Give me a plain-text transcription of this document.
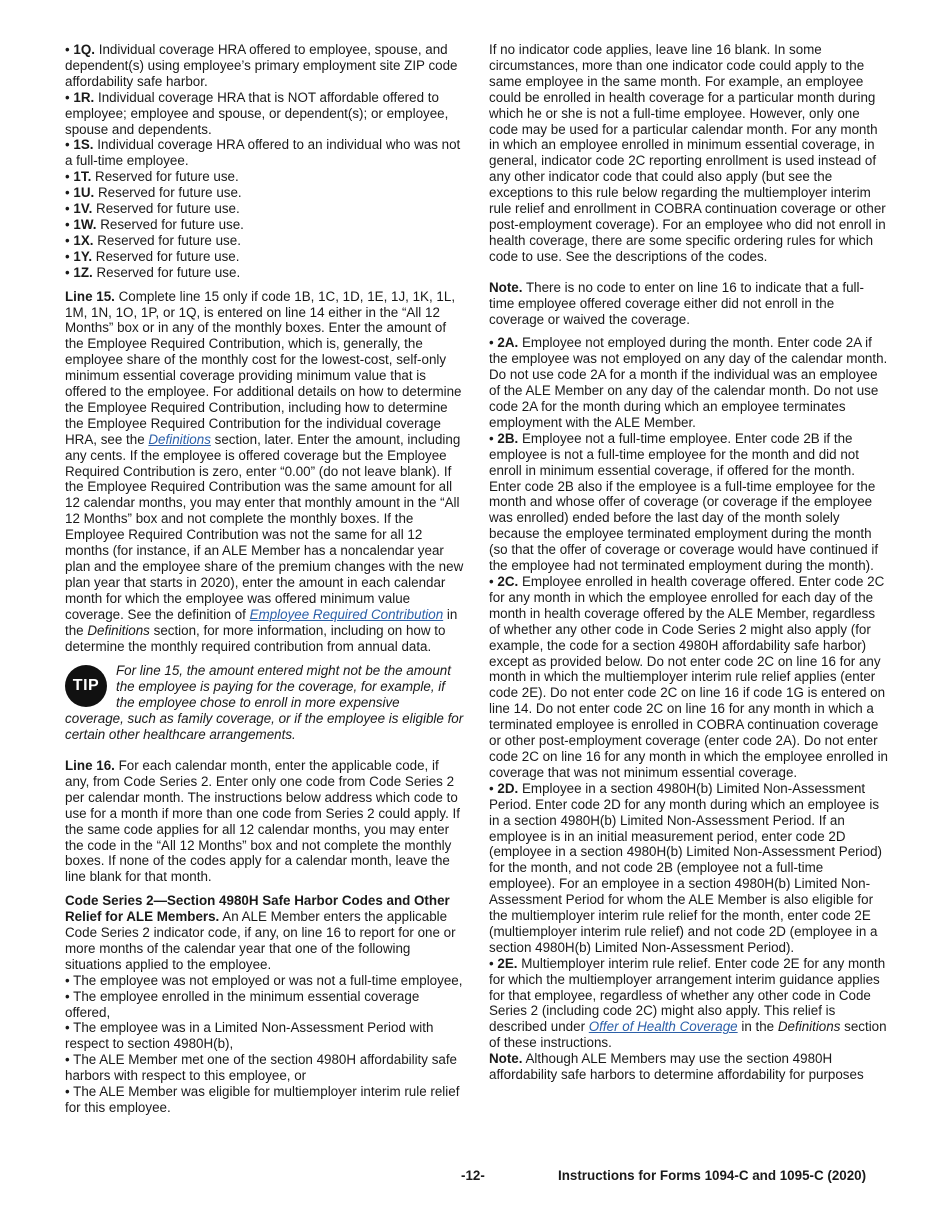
• 1Q. Individual coverage HRA offered to employee, spouse, and dependent(s) using employee’s primary employment site ZIP code affordability safe harbor.

• 1R. Individual coverage HRA that is NOT affordable offered to employee; employee and spouse, or dependent(s); or employee, spouse and dependents.

• 1S. Individual coverage HRA offered to an individual who was not a full-time employee.

• 1T. Reserved for future use.

• 1U. Reserved for future use.

• 1V. Reserved for future use.

• 1W. Reserved for future use.

• 1X. Reserved for future use.

• 1Y. Reserved for future use.

• 1Z. Reserved for future use.

Line 15. Complete line 15 only if code 1B, 1C, 1D, 1E, 1J, 1K, 1L, 1M, 1N, 1O, 1P, or 1Q, is entered on line 14 either in the “All 12 Months” box or in any of the monthly boxes. Enter the amount of the Employee Required Contribution, which is, generally, the employee share of the monthly cost for the lowest-cost, self-only minimum essential coverage providing minimum value that is offered to the employee. For additional details on how to determine the Employee Required Contribution, including how to determine the Employee Required Contribution for the individual coverage HRA, see the Definitions section, later. Enter the amount, including any cents. If the employee is offered coverage but the Employee Required Contribution is zero, enter “0.00” (do not leave blank). If the Employee Required Contribution was the same amount for all 12 calendar months, you may enter that monthly amount in the “All 12 Months” box and not complete the monthly boxes. If the Employee Required Contribution was not the same for all 12 months (for instance, if an ALE Member has a noncalendar year plan and the employee share of the premium changes with the new plan year that starts in 2020), enter the amount in each calendar month for which the employee was offered minimum value coverage. See the definition of Employee Required Contribution in the Definitions section, for more information, including on how to determine the monthly required contribution from annual data.

TIP

For line 15, the amount entered might not be the amount
the employee is paying for the coverage, for example, if
the employee chose to enroll in more expensive
coverage, such as family coverage, or if the employee is eligible for certain other healthcare arrangements.

Line 16. For each calendar month, enter the applicable code, if any, from Code Series 2. Enter only one code from Code Series 2 per calendar month. The instructions below address which code to use for a month if more than one code from Series 2 could apply. If the same code applies for all 12 calendar months, you may enter the code in the “All 12 Months” box and not complete the monthly boxes. If none of the codes apply for a calendar month, leave the line blank for that month.

Code Series 2—Section 4980H Safe Harbor Codes and Other Relief for ALE Members. An ALE Member enters the applicable Code Series 2 indicator code, if any, on line 16 to report for one or more months of the calendar year that one of the following situations applied to the employee.

• The employee was not employed or was not a full-time employee,

• The employee enrolled in the minimum essential coverage offered,

• The employee was in a Limited Non-Assessment Period with respect to section 4980H(b),

• The ALE Member met one of the section 4980H affordability safe harbors with respect to this employee, or

• The ALE Member was eligible for multiemployer interim rule relief for this employee.

If no indicator code applies, leave line 16 blank. In some circumstances, more than one indicator code could apply to the same employee in the same month. For example, an employee could be enrolled in health coverage for a particular month during which he or she is not a full-time employee. However, only one code may be used for a particular calendar month. For any month in which an employee enrolled in minimum essential coverage, in general, indicator code 2C reporting enrollment is used instead of any other indicator code that could also apply (but see the exceptions to this rule below regarding the multiemployer interim rule relief and enrollment in COBRA continuation coverage or other post-employment coverage). For an employee who did not enroll in health coverage, there are some specific ordering rules for which code to use. See the descriptions of the codes.

Note. There is no code to enter on line 16 to indicate that a full-time employee offered coverage either did not enroll in the coverage or waived the coverage.

• 2A. Employee not employed during the month. Enter code 2A if the employee was not employed on any day of the calendar month. Do not use code 2A for a month if the individual was an employee of the ALE Member on any day of the calendar month. Do not use code 2A for the month during which an employee terminates employment with the ALE Member.

• 2B. Employee not a full-time employee. Enter code 2B if the employee is not a full-time employee for the month and did not enroll in minimum essential coverage, if offered for the month. Enter code 2B also if the employee is a full-time employee for the month and whose offer of coverage (or coverage if the employee was enrolled) ended before the last day of the month solely because the employee terminated employment during the month (so that the offer of coverage or coverage would have continued if the employee had not terminated employment during the month).

• 2C. Employee enrolled in health coverage offered. Enter code 2C for any month in which the employee enrolled for each day of the month in health coverage offered by the ALE Member, regardless of whether any other code in Code Series 2 might also apply (for example, the code for a section 4980H affordability safe harbor) except as provided below. Do not enter code 2C on line 16 for any month in which the multiemployer interim rule relief applies (enter code 2E). Do not enter code 2C on line 16 if code 1G is entered on line 14. Do not enter code 2C on line 16 for any month in which a terminated employee is enrolled in COBRA continuation coverage or other post-employment coverage (enter code 2A). Do not enter code 2C on line 16 for any month in which the employee enrolled in coverage that was not minimum essential coverage.

• 2D. Employee in a section 4980H(b) Limited Non-Assessment Period. Enter code 2D for any month during which an employee is in a section 4980H(b) Limited Non-Assessment Period. If an employee is in an initial measurement period, enter code 2D (employee in a section 4980H(b) Limited Non-Assessment Period) for the month, and not code 2B (employee not a full-time employee). For an employee in a section 4980H(b) Limited Non-Assessment Period for whom the ALE Member is also eligible for the multiemployer interim rule relief for the month, enter code 2E (multiemployer interim rule relief) and not code 2D (employee in a section 4980H(b) Limited Non-Assessment Period).

• 2E. Multiemployer interim rule relief. Enter code 2E for any month for which the multiemployer arrangement interim guidance applies for that employee, regardless of whether any other code in Code Series 2 (including code 2C) might also apply. This relief is described under Offer of Health Coverage in the Definitions section of these instructions.

Note. Although ALE Members may use the section 4980H affordability safe harbors to determine affordability for purposes

-12-	Instructions for Forms 1094-C and 1095-C (2020)
